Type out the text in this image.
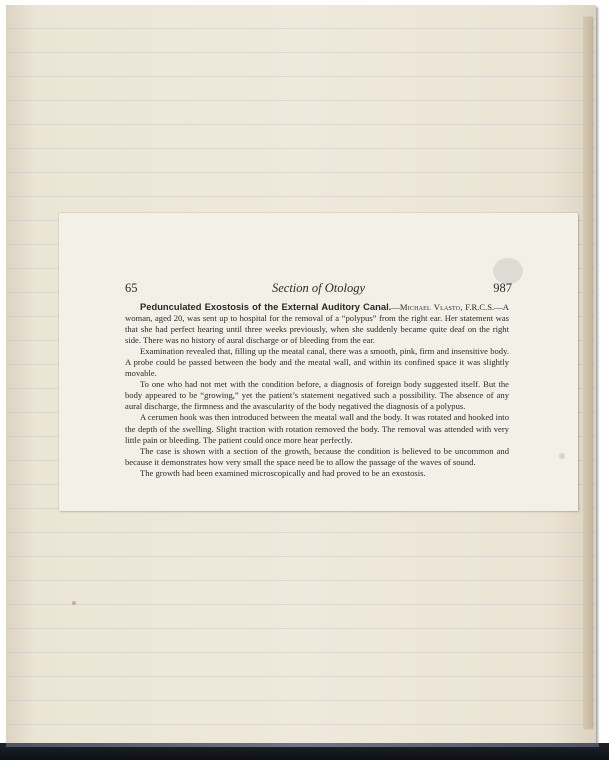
65	Section of Otology	987

Pedunculated Exostosis of the External Auditory Canal.—Michael Vlasto, F.R.C.S.—A woman, aged 20, was sent up to hospital for the removal of a “polypus” from the right ear. Her statement was that she had perfect hearing until three weeks previously, when she suddenly became quite deaf on the right side. There was no history of aural discharge or of bleeding from the ear.

Examination revealed that, filling up the meatal canal, there was a smooth, pink, firm and insensitive body. A probe could be passed between the body and the meatal wall, and within its confined space it was slightly movable.

To one who had not met with the condition before, a diagnosis of foreign body suggested itself. But the body appeared to be “growing,” yet the patient’s statement negatived such a possibility. The absence of any aural discharge, the firmness and the avascularity of the body negatived the diagnosis of a polypus.

A cerumen hook was then introduced between the meatal wall and the body. It was rotated and hooked into the depth of the swelling. Slight traction with rotation removed the body. The removal was attended with very little pain or bleeding. The patient could once more hear perfectly.

The case is shown with a section of the growth, because the condition is believed to be uncommon and because it demonstrates how very small the space need be to allow the passage of the waves of sound.

The growth had been examined microscopically and had proved to be an exostosis.
